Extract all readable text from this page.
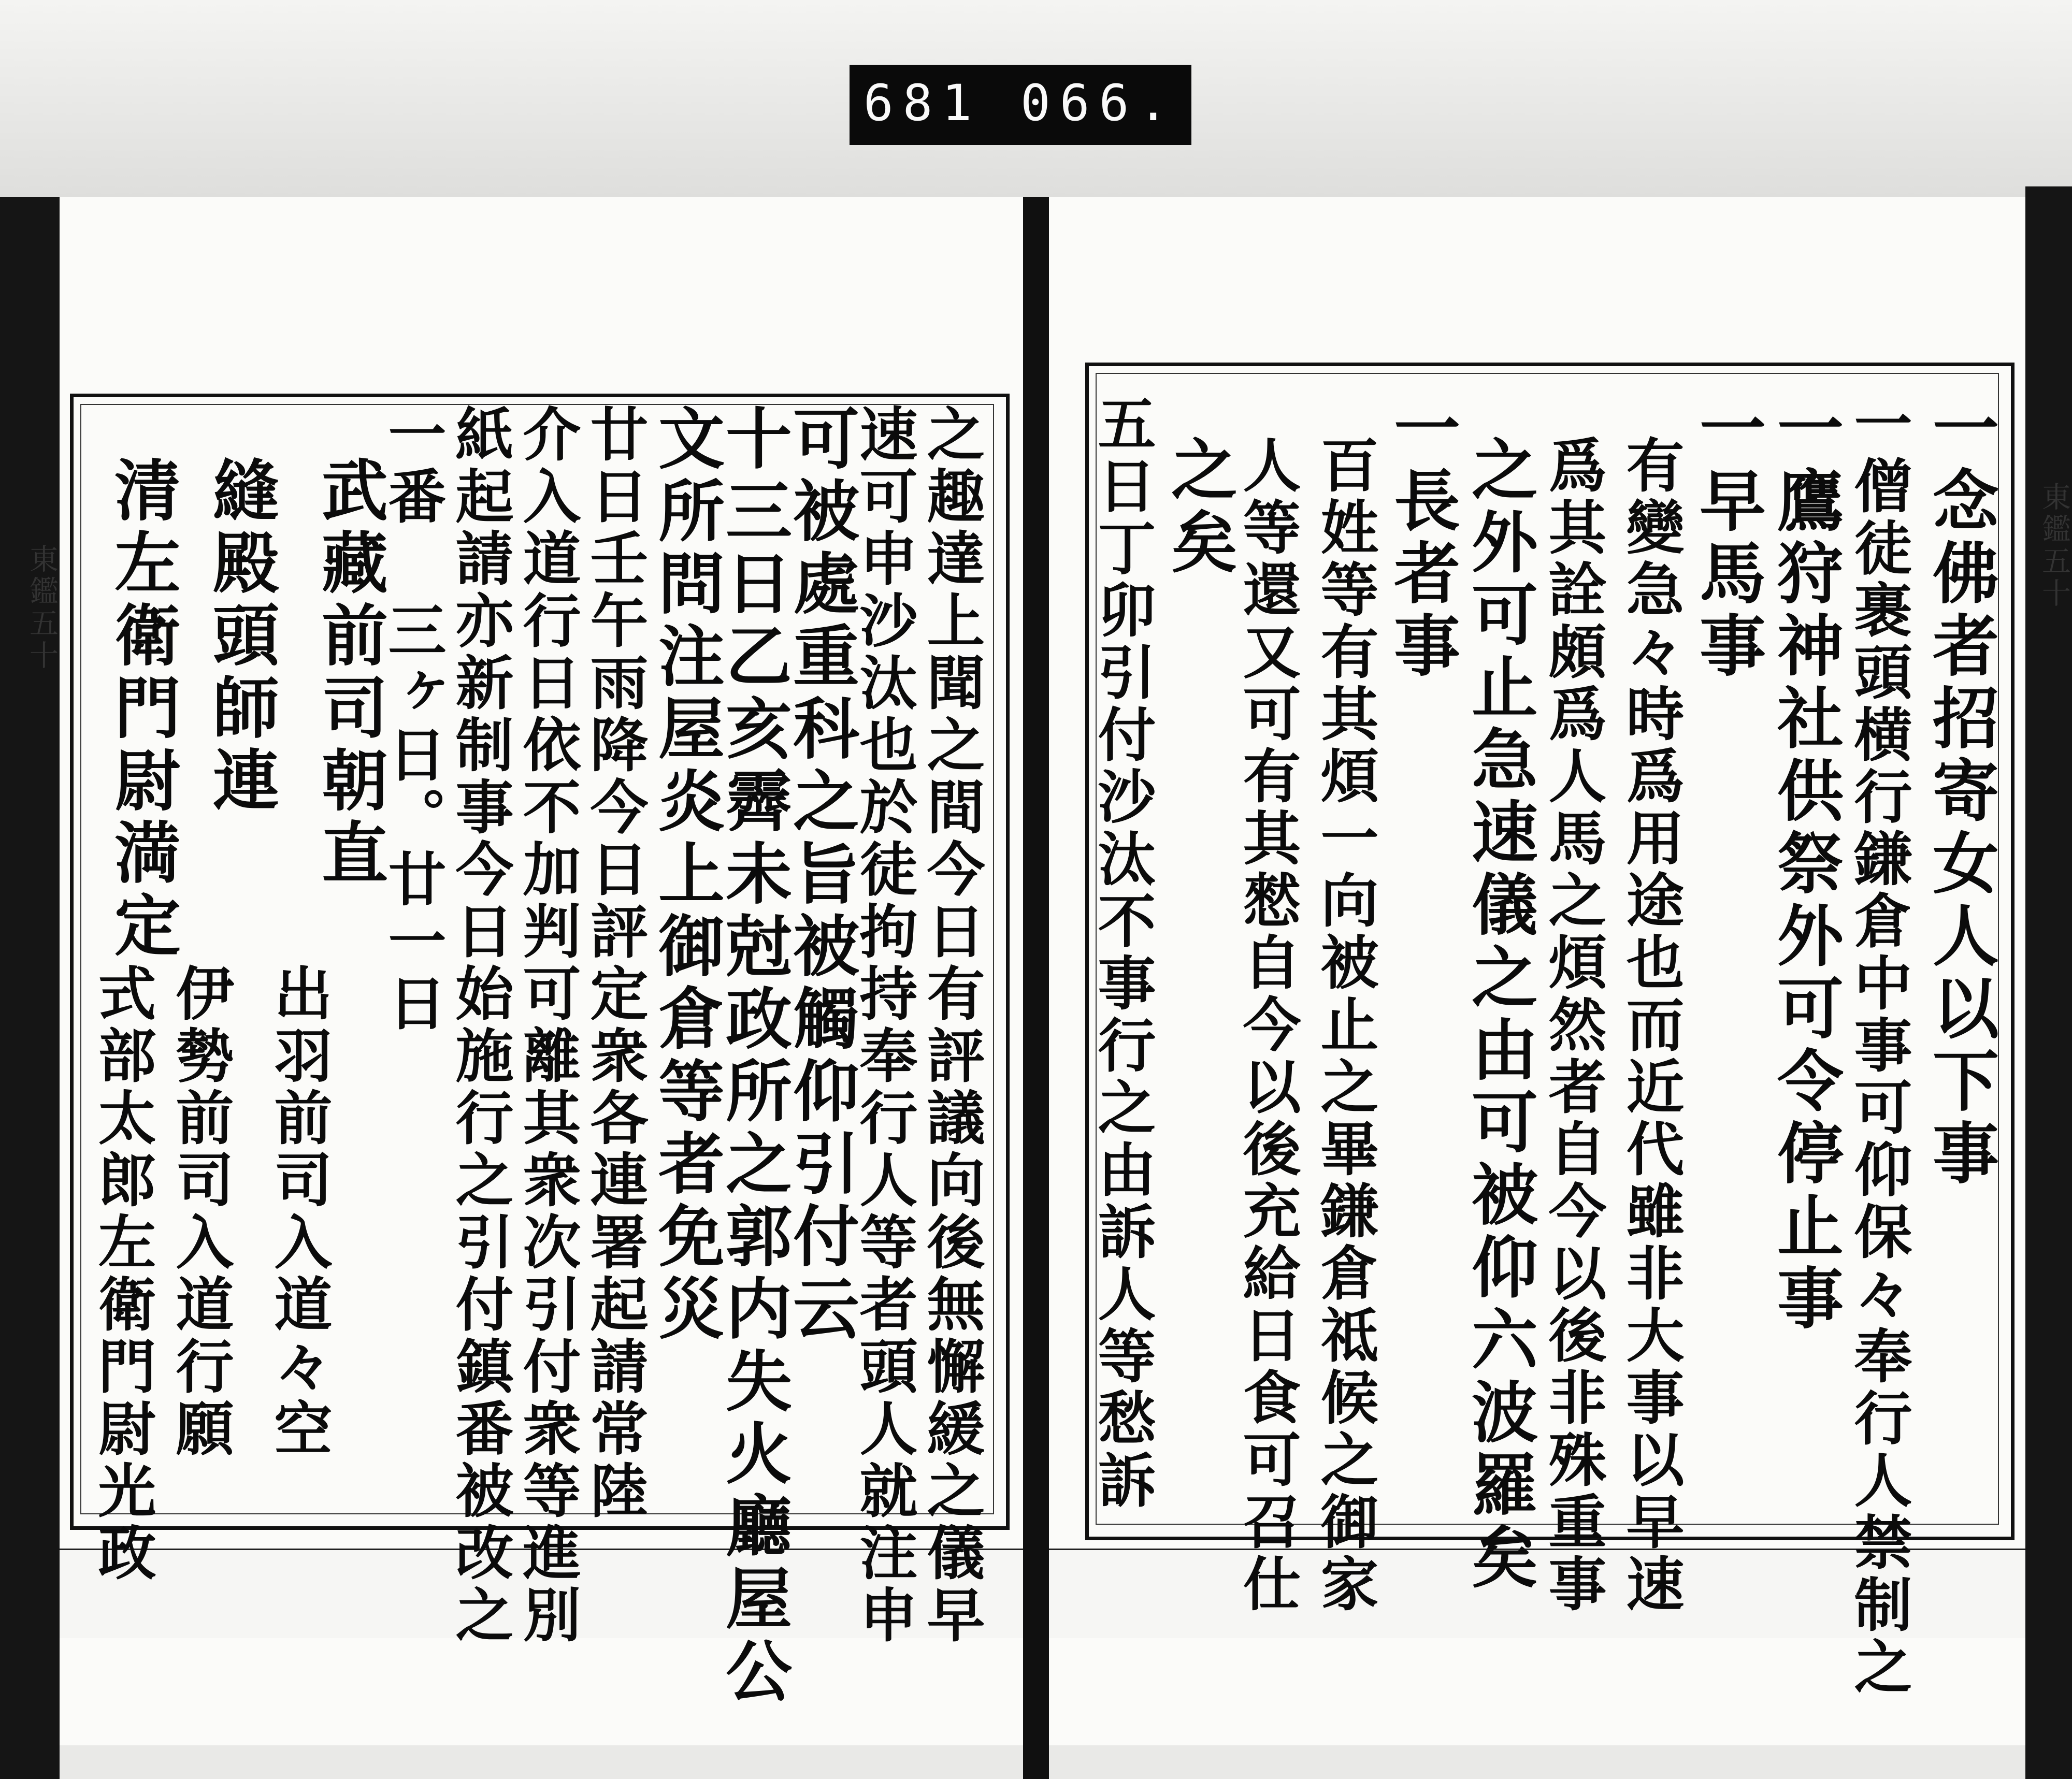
681 066.
東鑑五十
東鑑五十	一念佛者招寄女人以下事
一僧徒裹頭横行鎌倉中事可仰保々奉行人禁制之
一鷹狩神社供祭外可令停止事
一早馬事
有變急々時爲用途也而近代雖非大事以早速
爲其詮頗爲人馬之煩然者自今以後非殊重事
之外可止急速儀之由可被仰六波羅矣
一長者事
百姓等有其煩一向被止之畢鎌倉祗候之御家
人等還又可有其憖自今以後充給日食可召仕
之矣
五日丁卯引付沙汰不事行之由訴人等愁訴
之趣達上聞之間今日有評議向後無懈緩之儀早
速可申沙汰也於徒拘持奉行人等者頭人就注申
可被處重科之旨被觸仰引付云
十三日乙亥霽未尅政所之郭内失火廳屋公
文所問注屋炎上御倉等者免災
廿日壬午雨降今日評定衆各連署起請常陸
介入道行日依不加判可離其衆次引付衆等進別
紙起請亦新制事今日始施行之引付鎮番被改之
一番 三ヶ日。廿一日
武藏前司朝直
出羽前司入道々空
縫殿頭師連
伊勢前司入道行願
清左衛門尉満定
式部太郎左衛門尉光政
